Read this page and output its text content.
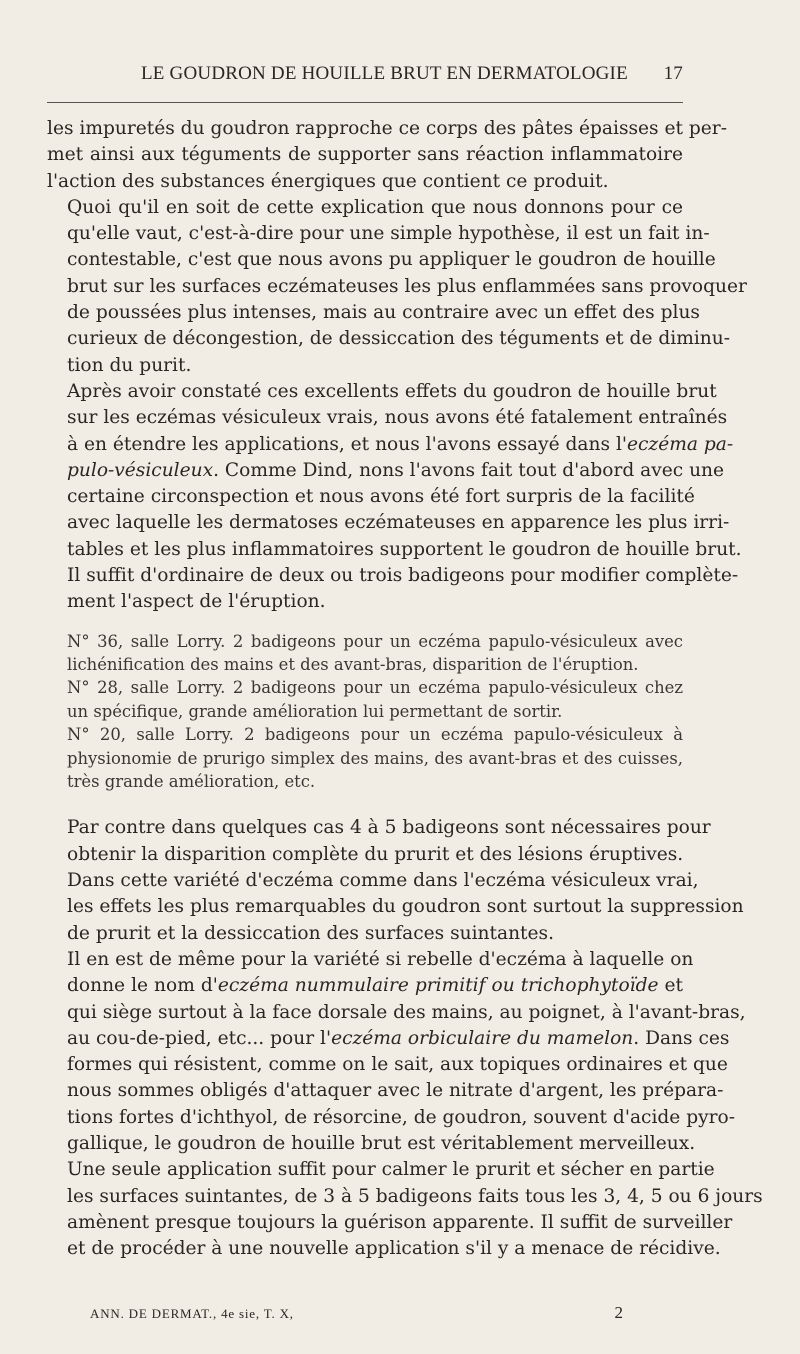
LE GOUDRON DE HOUILLE BRUT EN DERMATOLOGIE 17

les impuretés du goudron rapproche ce corps des pâtes épaisses et per-
met ainsi aux téguments de supporter sans réaction inflammatoire
l'action des substances énergiques que contient ce produit.

Quoi qu'il en soit de cette explication que nous donnons pour ce
qu'elle vaut, c'est-à-dire pour une simple hypothèse, il est un fait in-
contestable, c'est que nous avons pu appliquer le goudron de houille
brut sur les surfaces eczémateuses les plus enflammées sans provoquer
de poussées plus intenses, mais au contraire avec un effet des plus
curieux de décongestion, de dessiccation des téguments et de diminu-
tion du purit.

Après avoir constaté ces excellents effets du goudron de houille brut
sur les eczémas vésiculeux vrais, nous avons été fatalement entraînés
à en étendre les applications, et nous l'avons essayé dans l'eczéma pa-
pulo-vésiculeux. Comme Dind, nons l'avons fait tout d'abord avec une
certaine circonspection et nous avons été fort surpris de la facilité
avec laquelle les dermatoses eczémateuses en apparence les plus irri-
tables et les plus inflammatoires supportent le goudron de houille brut.
Il suffit d'ordinaire de deux ou trois badigeons pour modifier complète-
ment l'aspect de l'éruption.

N° 36, salle Lorry. 2 badigeons pour un eczéma papulo-vésiculeux avec
lichénification des mains et des avant-bras, disparition de l'éruption.

N° 28, salle Lorry. 2 badigeons pour un eczéma papulo-vésiculeux chez
un spécifique, grande amélioration lui permettant de sortir.

N° 20, salle Lorry. 2 badigeons pour un eczéma papulo-vésiculeux à
physionomie de prurigo simplex des mains, des avant-bras et des cuisses,
très grande amélioration, etc.

Par contre dans quelques cas 4 à 5 badigeons sont nécessaires pour
obtenir la disparition complète du prurit et des lésions éruptives.

Dans cette variété d'eczéma comme dans l'eczéma vésiculeux vrai,
les effets les plus remarquables du goudron sont surtout la suppression
de prurit et la dessiccation des surfaces suintantes.

Il en est de même pour la variété si rebelle d'eczéma à laquelle on
donne le nom d'eczéma nummulaire primitif ou trichophytoïde et
qui siège surtout à la face dorsale des mains, au poignet, à l'avant-bras,
au cou-de-pied, etc... pour l'eczéma orbiculaire du mamelon. Dans ces
formes qui résistent, comme on le sait, aux topiques ordinaires et que
nous sommes obligés d'attaquer avec le nitrate d'argent, les prépara-
tions fortes d'ichthyol, de résorcine, de goudron, souvent d'acide pyro-
gallique, le goudron de houille brut est véritablement merveilleux.
Une seule application suffit pour calmer le prurit et sécher en partie
les surfaces suintantes, de 3 à 5 badigeons faits tous les 3, 4, 5 ou 6 jours
amènent presque toujours la guérison apparente. Il suffit de surveiller
et de procéder à une nouvelle application s'il y a menace de récidive.

ANN. DE DERMAT., 4e sie, T. X,	2
